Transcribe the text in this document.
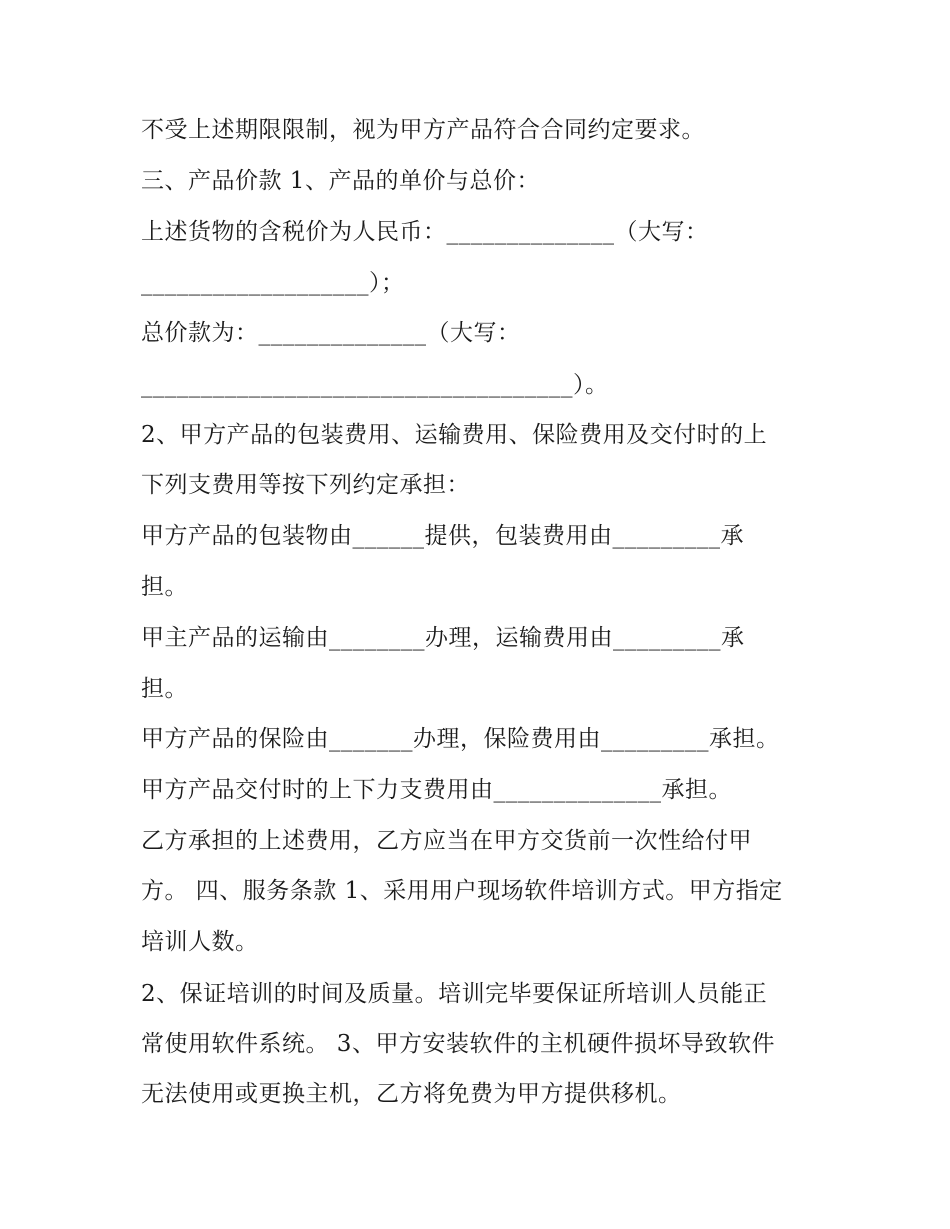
不受上述期限限制，视为甲方产品符合合同约定要求。
三、产品价款 1、产品的单价与总价：
上述货物的含税价为人民币：______________（大写：
___________________）；
总价款为：______________（大写：
____________________________________）。
2、甲方产品的包装费用、运输费用、保险费用及交付时的上
下列支费用等按下列约定承担：
甲方产品的包装物由______提供，包装费用由_________承
担。
甲主产品的运输由________办理，运输费用由_________承
担。
甲方产品的保险由_______办理，保险费用由_________承担。
甲方产品交付时的上下力支费用由______________承担。
乙方承担的上述费用，乙方应当在甲方交货前一次性给付甲
方。 四、服务条款 1、采用用户现场软件培训方式。甲方指定
培训人数。
2、保证培训的时间及质量。培训完毕要保证所培训人员能正
常使用软件系统。 3、甲方安装软件的主机硬件损坏导致软件
无法使用或更换主机，乙方将免费为甲方提供移机。
